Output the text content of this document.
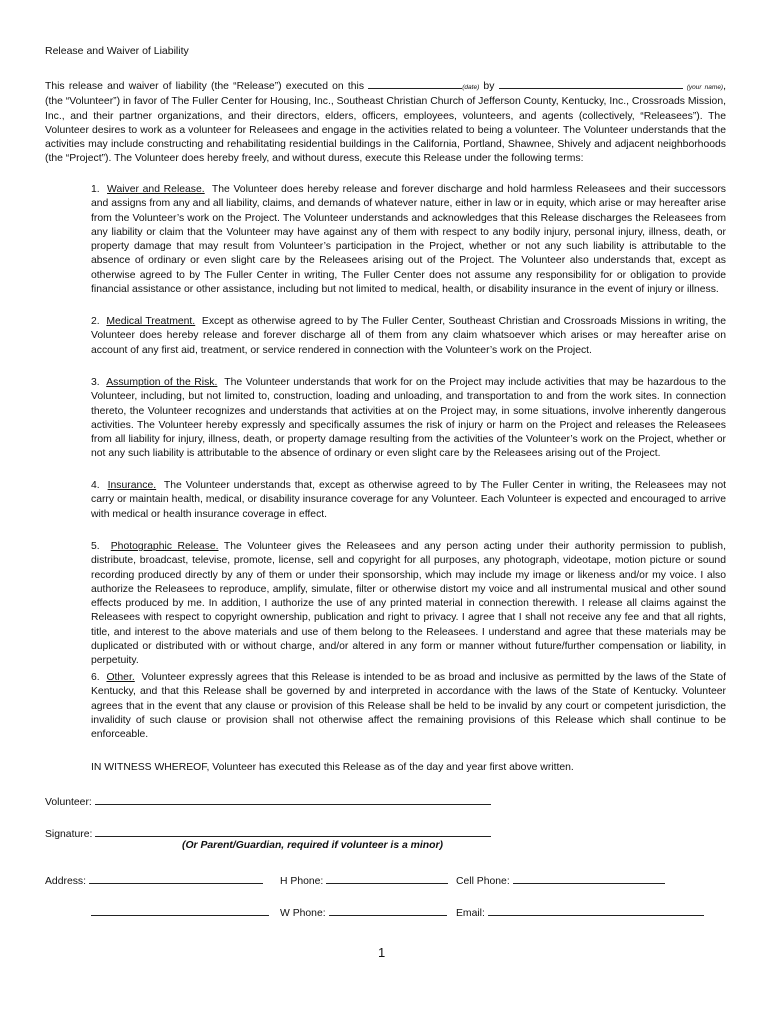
Release and Waiver of Liability

This release and waiver of liability (the “Release”) executed on this	(date) by	(your name), (the “Volunteer”) in favor of The Fuller Center for Housing, Inc., Southeast Christian Church of Jefferson County, Kentucky, Inc., Crossroads Mission, Inc., and their partner organizations, and their directors, elders, officers, employees, volunteers, and agents (collectively, “Releasees”). The Volunteer desires to work as a volunteer for Releasees and engage in the activities related to being a volunteer. The Volunteer understands that the activities may include constructing and rehabilitating residential buildings in the California, Portland, Shawnee, Shively and adjacent neighborhoods (the “Project”). The Volunteer does hereby freely, and without duress, execute this Release under the following terms:

1. Waiver and Release. The Volunteer does hereby release and forever discharge and hold harmless Releasees and their successors and assigns from any and all liability, claims, and demands of whatever nature, either in law or in equity, which arise or may hereafter arise from the Volunteer’s work on the Project. The Volunteer understands and acknowledges that this Release discharges the Releasees from any liability or claim that the Volunteer may have against any of them with respect to any bodily injury, personal injury, illness, death, or property damage that may result from Volunteer’s participation in the Project, whether or not any such liability is attributable to the absence of ordinary or even slight care by the Releasees arising out of the Project. The Volunteer also understands that, except as otherwise agreed to by The Fuller Center in writing, The Fuller Center does not assume any responsibility for or obligation to provide financial assistance or other assistance, including but not limited to medical, health, or disability insurance in the event of injury or illness.

2. Medical Treatment. Except as otherwise agreed to by The Fuller Center, Southeast Christian and Crossroads Missions in writing, the Volunteer does hereby release and forever discharge all of them from any claim whatsoever which arises or may hereafter arise on account of any first aid, treatment, or service rendered in connection with the Volunteer’s work on the Project.

3. Assumption of the Risk. The Volunteer understands that work for on the Project may include activities that may be hazardous to the Volunteer, including, but not limited to, construction, loading and unloading, and transportation to and from the work sites. In connection thereto, the Volunteer recognizes and understands that activities at on the Project may, in some situations, involve inherently dangerous activities. The Volunteer hereby expressly and specifically assumes the risk of injury or harm on the Project and releases the Releasees from all liability for injury, illness, death, or property damage resulting from the activities of the Volunteer’s work on the Project, whether or not any such liability is attributable to the absence of ordinary or even slight care by the Releasees arising out of the Project.

4. Insurance. The Volunteer understands that, except as otherwise agreed to by The Fuller Center in writing, the Releasees may not carry or maintain health, medical, or disability insurance coverage for any Volunteer. Each Volunteer is expected and encouraged to arrive with medical or health insurance coverage in effect.

5. Photographic Release. The Volunteer gives the Releasees and any person acting under their authority permission to publish, distribute, broadcast, televise, promote, license, sell and copyright for all purposes, any photograph, videotape, motion picture or sound recording produced directly by any of them or under their sponsorship, which may include my image or likeness and/or my voice. I also authorize the Releasees to reproduce, amplify, simulate, filter or otherwise distort my voice and all instrumental musical and other sound effects produced by me. In addition, I authorize the use of any printed material in connection therewith. I release all claims against the Releasees with respect to copyright ownership, publication and right to privacy. I agree that I shall not receive any fee and that all rights, title, and interest to the above materials and use of them belong to the Releasees. I understand and agree that these materials may be duplicated or distributed with or without charge, and/or altered in any form or manner without future/further compensation or liability, in perpetuity.

6. Other. Volunteer expressly agrees that this Release is intended to be as broad and inclusive as permitted by the laws of the State of Kentucky, and that this Release shall be governed by and interpreted in accordance with the laws of the State of Kentucky. Volunteer agrees that in the event that any clause or provision of this Release shall be held to be invalid by any court or competent jurisdiction, the invalidity of such clause or provision shall not otherwise affect the remaining provisions of this Release which shall continue to be enforceable.

IN WITNESS WHEREOF, Volunteer has executed this Release as of the day and year first above written.
Volunteer:
Signature:
(Or Parent/Guardian, required if volunteer is a minor)
Address:	H Phone:	Cell Phone:
W Phone:	Email:
1
